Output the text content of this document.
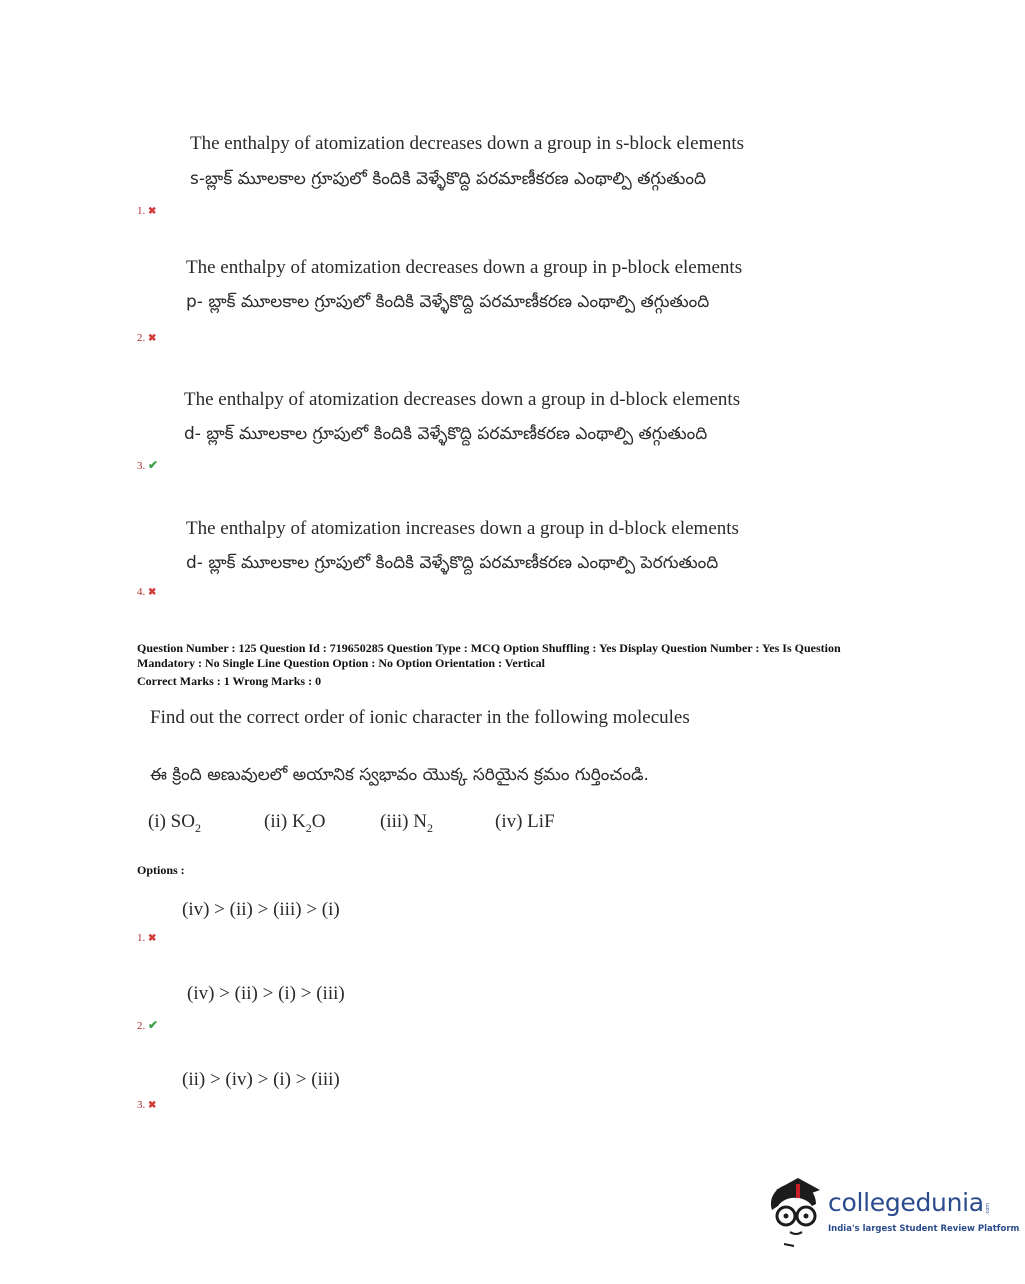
The enthalpy of atomization decreases down a group in s-block elements
s-బ్లాక్ మూలకాల గ్రూపులో కిందికి వెళ్ళేకొద్ది పరమాణీకరణ ఎంథాల్పి తగ్గుతుంది
1. ✖
The enthalpy of atomization decreases down a group in p-block elements
p- బ్లాక్ మూలకాల గ్రూపులో కిందికి వెళ్ళేకొద్ది పరమాణీకరణ ఎంథాల్పి తగ్గుతుంది
2. ✖
The enthalpy of atomization decreases down a group in d-block elements
d- బ్లాక్ మూలకాల గ్రూపులో కిందికి వెళ్ళేకొద్ది పరమాణీకరణ ఎంథాల్పి తగ్గుతుంది
3. ✔
The enthalpy of atomization increases down a group in d-block elements
d- బ్లాక్ మూలకాల గ్రూపులో కిందికి వెళ్ళేకొద్ది పరమాణీకరణ ఎంథాల్పి పెరగుతుంది
4. ✖
Question Number : 125 Question Id : 719650285 Question Type : MCQ Option Shuffling : Yes Display Question Number : Yes Is Question
Mandatory : No Single Line Question Option : No Option Orientation : Vertical
Correct Marks : 1 Wrong Marks : 0
Find out the correct order of ionic character in the following molecules
ఈ క్రింది అణువులలో అయానిక స్వభావం యొక్క సరియైన క్రమం గుర్తించండి.
(i) $SO_2$	(ii) $K_2O$	(iii) $N_2$	(iv) LiF
Options :
(iv) > (ii) > (iii) > (i)
1. ✖
(iv) > (ii) > (i) > (iii)
2. ✔
(ii) > (iv) > (i) > (iii)
3. ✖
collegedunia .com
India's largest Student Review Platform
